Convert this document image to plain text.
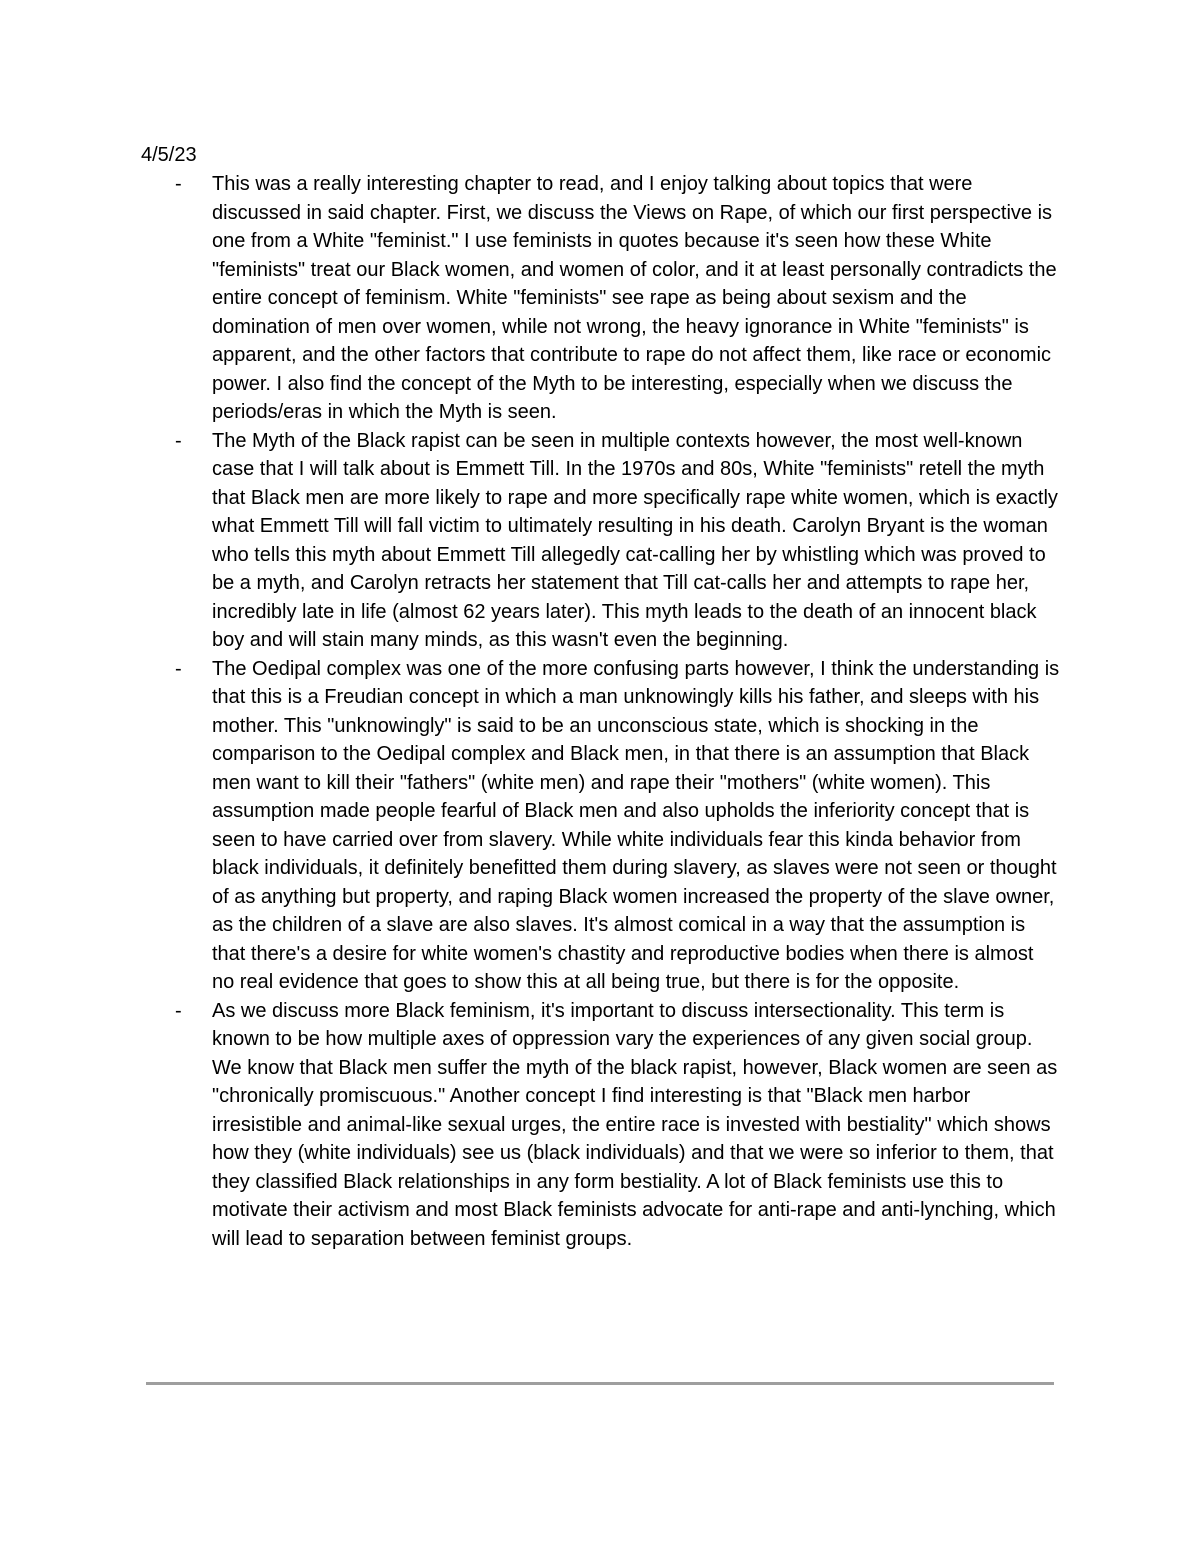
4/5/23

- This was a really interesting chapter to read, and I enjoy talking about topics that were discussed in said chapter. First, we discuss the Views on Rape, of which our first perspective is one from a White "feminist." I use feminists in quotes because it's seen how these White "feminists" treat our Black women, and women of color, and it at least personally contradicts the entire concept of feminism. White "feminists" see rape as being about sexism and the domination of men over women, while not wrong, the heavy ignorance in White "feminists" is apparent, and the other factors that contribute to rape do not affect them, like race or economic power. I also find the concept of the Myth to be interesting, especially when we discuss the periods/eras in which the Myth is seen.
- The Myth of the Black rapist can be seen in multiple contexts however, the most well-known case that I will talk about is Emmett Till. In the 1970s and 80s, White "feminists" retell the myth that Black men are more likely to rape and more specifically rape white women, which is exactly what Emmett Till will fall victim to ultimately resulting in his death. Carolyn Bryant is the woman who tells this myth about Emmett Till allegedly cat-calling her by whistling which was proved to be a myth, and Carolyn retracts her statement that Till cat-calls her and attempts to rape her, incredibly late in life (almost 62 years later). This myth leads to the death of an innocent black boy and will stain many minds, as this wasn't even the beginning.
- The Oedipal complex was one of the more confusing parts however, I think the understanding is that this is a Freudian concept in which a man unknowingly kills his father, and sleeps with his mother. This "unknowingly" is said to be an unconscious state, which is shocking in the comparison to the Oedipal complex and Black men, in that there is an assumption that Black men want to kill their "fathers" (white men) and rape their "mothers" (white women). This assumption made people fearful of Black men and also upholds the inferiority concept that is seen to have carried over from slavery. While white individuals fear this kinda behavior from black individuals, it definitely benefitted them during slavery, as slaves were not seen or thought of as anything but property, and raping Black women increased the property of the slave owner, as the children of a slave are also slaves. It's almost comical in a way that the assumption is that there's a desire for white women's chastity and reproductive bodies when there is almost no real evidence that goes to show this at all being true, but there is for the opposite.
- As we discuss more Black feminism, it's important to discuss intersectionality. This term is known to be how multiple axes of oppression vary the experiences of any given social group. We know that Black men suffer the myth of the black rapist, however, Black women are seen as "chronically promiscuous." Another concept I find interesting is that "Black men harbor irresistible and animal-like sexual urges, the entire race is invested with bestiality" which shows how they (white individuals) see us (black individuals) and that we were so inferior to them, that they classified Black relationships in any form bestiality. A lot of Black feminists use this to motivate their activism and most Black feminists advocate for anti-rape and anti-lynching, which will lead to separation between feminist groups.
